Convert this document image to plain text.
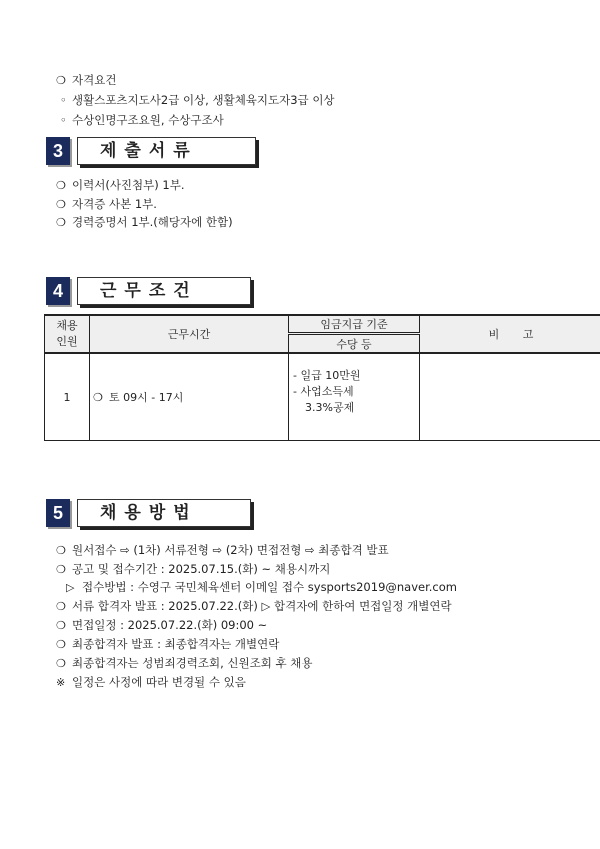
❍ 자격요건
◦ 생활스포츠지도사2급 이상, 생활체육지도자3급 이상
◦ 수상인명구조요원, 수상구조사
3	제출서류
❍ 이력서(사진첨부) 1부.
❍ 자격증 사본 1부.
❍ 경력증명서 1부.(해당자에 한함)
4	근무조건
채용
인원	근무시간	임금지급 기준	비 고
		수당 등	
1	❍ 토 09시 - 17시	- 일급 10만원
- 사업소득세
3.3%공제	

5	채용방법
❍ 원서접수 ⇨ (1차) 서류전형 ⇨ (2차) 면접전형 ⇨ 최종합격 발표
❍ 공고 및 접수기간 : 2025.07.15.(화) ~ 채용시까지
▷ 접수방법 : 수영구 국민체육센터 이메일 접수 sysports2019@naver.com
❍ 서류 합격자 발표 : 2025.07.22.(화) ▷ 합격자에 한하여 면접일정 개별연락
❍ 면접일정 : 2025.07.22.(화) 09:00 ~
❍ 최종합격자 발표 : 최종합격자는 개별연락
❍ 최종합격자는 성범죄경력조회, 신원조회 후 채용
※ 일정은 사정에 따라 변경될 수 있음
